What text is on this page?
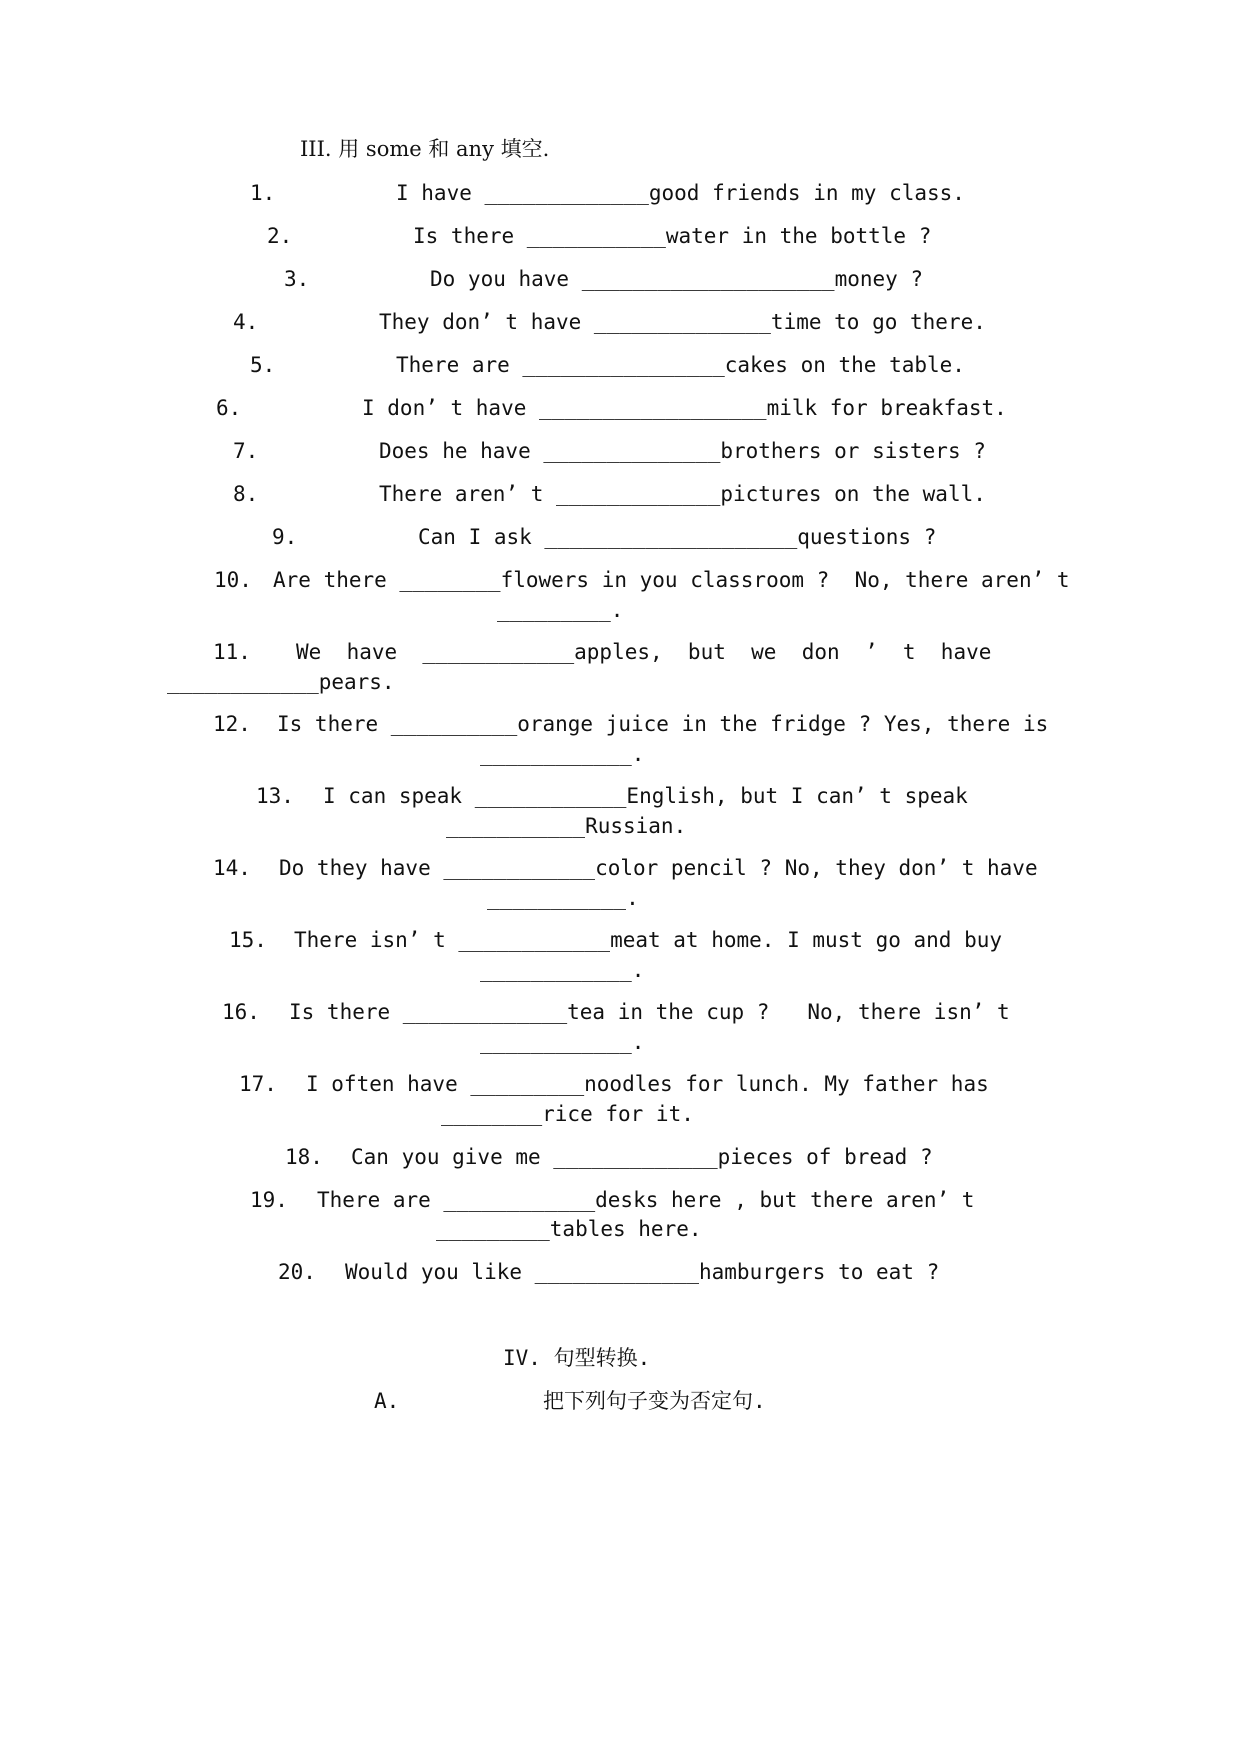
III. 用 some 和 any 填空.
1.	I have _____________good friends in my class.
2.	Is there ___________water in the bottle ?
3.	Do you have ____________________money ?
4.	They don’ t have ______________time to go there.
5.	There are ________________cakes on the table.
6.	I don’ t have __________________milk for breakfast.
7.	Does he have ______________brothers or sisters ?
8.	There aren’ t _____________pictures on the wall.
9.	Can I ask ____________________questions ?
10. Are there ________flowers in you classroom ?  No, there aren’ t
_________.
11. We  have  ____________apples,  but  we  don  ’  t  have
____________pears.
12. Is there __________orange juice in the fridge ? Yes, there is
____________.
13. I can speak ____________English, but I can’ t speak
___________Russian.
14. Do they have ____________color pencil ? No, they don’ t have
___________.
15. There isn’ t ____________meat at home. I must go and buy
____________.
16. Is there _____________tea in the cup ?   No, there isn’ t
____________.
17. I often have _________noodles for lunch. My father has
________rice for it.
18. Can you give me _____________pieces of bread ?
19. There are ____________desks here , but there aren’ t
_________tables here.
20. Would you like _____________hamburgers to eat ?
IV. 句型转换.
A.	把下列句子变为否定句.
